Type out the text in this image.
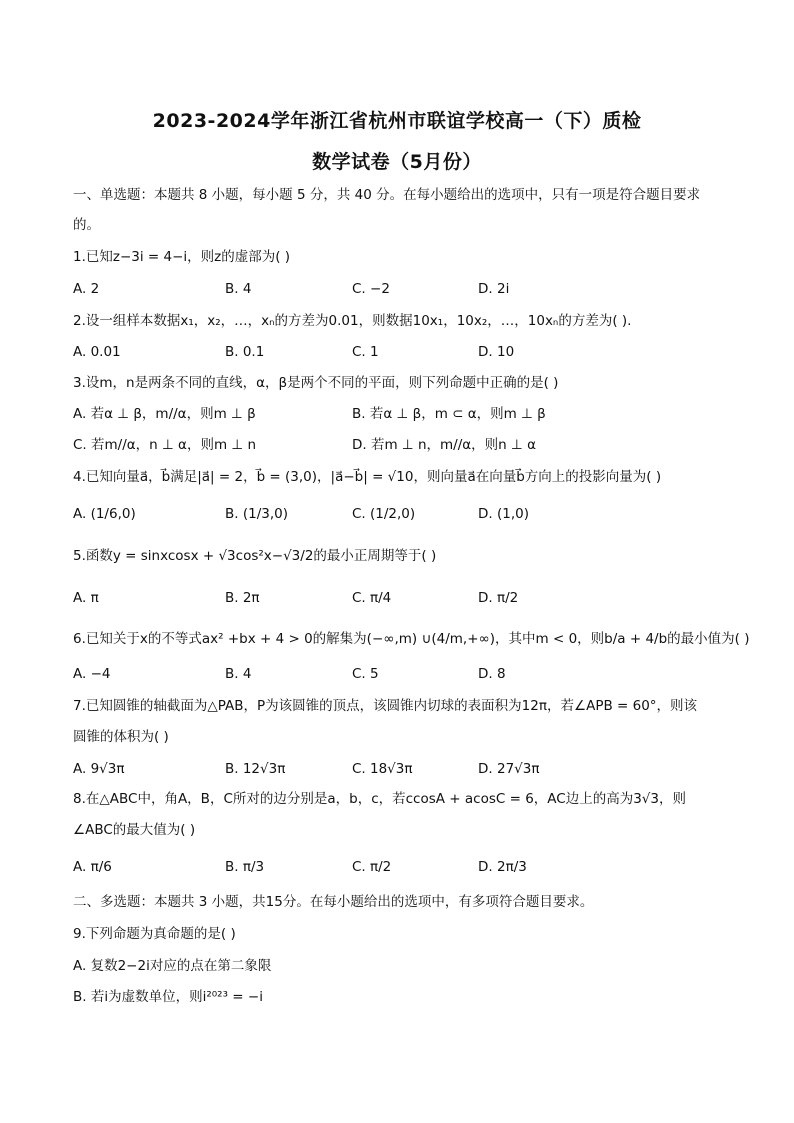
2023-2024学年浙江省杭州市联谊学校高一（下）质检
数学试卷（5月份）
一、单选题：本题共 8 小题，每小题 5 分，共 40 分。在每小题给出的选项中，只有一项是符合题目要求
的。
1.已知z−3i = 4−i，则z的虚部为( )
A. 2	B. 4	C. −2	D. 2i
2.设一组样本数据x₁，x₂，…，xₙ的方差为0.01，则数据10x₁，10x₂，…，10xₙ的方差为( ).
A. 0.01	B. 0.1	C. 1	D. 10
3.设m，n是两条不同的直线，α，β是两个不同的平面，则下列命题中正确的是( )
A. 若α ⊥ β，m//α，则m ⊥ β	B. 若α ⊥ β，m ⊂ α，则m ⊥ β
C. 若m//α，n ⊥ α，则m ⊥ n	D. 若m ⊥ n，m//α，则n ⊥ α
4.已知向量a⃗，b⃗满足|a⃗| = 2，b⃗ = (3,0)，|a⃗−b⃗| = √10，则向量a⃗在向量b⃗方向上的投影向量为( )
A. (1/6,0)	B. (1/3,0)	C. (1/2,0)	D. (1,0)
5.函数y = sinxcosx + √3cos²x−√3/2的最小正周期等于( )
A. π	B. 2π	C. π/4	D. π/2
6.已知关于x的不等式ax² +bx + 4 > 0的解集为(−∞,m) ∪(4/m,+∞)，其中m < 0，则b/a + 4/b的最小值为( )
A. −4	B. 4	C. 5	D. 8
7.已知圆锥的轴截面为△PAB，P为该圆锥的顶点，该圆锥内切球的表面积为12π，若∠APB = 60°，则该
圆锥的体积为( )
A. 9√3π	B. 12√3π	C. 18√3π	D. 27√3π
8.在△ABC中，角A，B，C所对的边分别是a，b，c，若ccosA + acosC = 6，AC边上的高为3√3，则
∠ABC的最大值为( )
A. π/6	B. π/3	C. π/2	D. 2π/3
二、多选题：本题共 3 小题，共15分。在每小题给出的选项中，有多项符合题目要求。
9.下列命题为真命题的是( )
A. 复数2−2i对应的点在第二象限
B. 若i为虚数单位，则i²⁰²³ = −i
